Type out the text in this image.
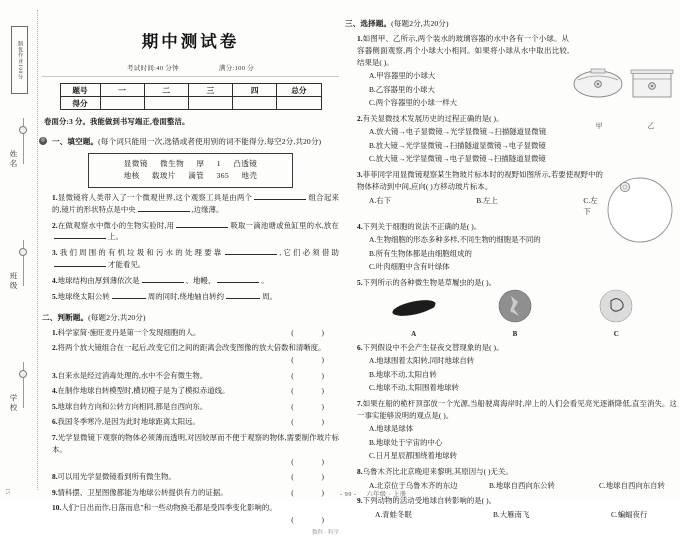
制优作业100分
姓名
班级
学校
15
期中测试卷
考试时间:40 分钟	满分:100 分
题号	一	二	三	四	总分
得分					
卷面分:3 分。我能做到书写端正,卷面整洁。
◎ 一、填空题。(每个词只能用一次,选错或者使用别的词不能得分,每空2分,共20分)
显微镜 微生物 厚 1 凸透镜
地核 载玻片 滴管 365 地壳
1.显微镜将人类带入了一个微观世界,这个观察工具是由两个	组合起来的,镜片的形状特点是中央	,边缘薄。
2.在做观察水中微小的生物实验时,用	吸取一滴池塘或鱼缸里的水,放在上。
3.我们周围的有机垃圾和污水的处理要靠	,它们必须借助才能看见。
4.地球结构由厚到薄依次是	、地幔、	。
5.地球绕太阳公转	周的同时,绕地轴自转约	周。
二、判断题。(每题2分,共20分)
1.科学家简·施旺麦丹是第一个发现细胞的人。	( )
2.将两个放大镜组合在一起后,改变它们之间的距离会改变图像的放大倍数和清晰度。
( )
3.自来水是经过消毒处理的,水中不会有微生物。	( )
4.在制作地球自转模型时,横切橙子是为了模拟赤道线。	( )
5.地球自转方向和公转方向相同,都是自西向东。	( )
6.我国冬季寒冷,是因为此时地球距离太阳远。	( )
7.光学显微镜下观察的物体必须薄而透明,对因较厚而不便于观察的物体,需要制作玻片标本。
( )
8.可以用光学显微镜看到所有微生物。	( )
9.情科摆、卫星图像都能为地球公转提供有力的证据。	( )
10.人们“日出而作,日落而息”和一些动物换毛都是受四季变化影响的。
( )
数科 - 科学
三、选择题。(每题2分,共20分)
1.如图甲、乙所示,两个装水的玻璃容器的水中各有一个小球。从容器侧面观察,两个小球大小相同。如果将小球从水中取出比较,结果是( )。
A.甲容器里的小球大
B.乙容器里的小球大
C.两个容器里的小球一样大
甲	乙
2.有关显微技术发展历史的过程正确的是( )。
A.放大镜→电子显微镜→光学显微镜→扫描隧道显微镜
B.放大镜→光学显微镜→扫描隧道显微镜→电子显微镜
C.放大镜→光学显微镜→电子显微镜→扫描隧道显微镜
3.菲菲同学用显微镜观察某生物玻片标本时的视野如图所示,若要使视野中的物体移动到中间,应向( )方移动玻片标本。
A.右下	B.左上	C.左下
4.下列关于细胞的说法不正确的是( )。
A.生物细胞的形态多种多样,不同生物的细胞是不同的
B.所有生物体都是由细胞组成的
C.叶肉细胞中含有叶绿体
5.下列所示的各种微生物是草履虫的是( )。
A	B	C
6.下列假设中不会产生昼夜交替现象的是( )。
A.地球围着太阳转,同时地球自转
B.地球不动,太阳自转
C.地球不动,太阳围着地球转
7.如果在船的桅杆顶部放一个光源,当船驶离海岸时,岸上的人们会看见亮光逐渐降低,直至消失。这一事实能够说明的观点是( )。
A.地球是球体
B.地球处于宇宙的中心
C.日月星辰都围绕着地球转
8.乌鲁木齐比北京晚迎来黎明,其原因与( )无关。
A.北京位于乌鲁木齐的东边	B.地球自西向东公转	C.地球自西向东自转
9.下列动物的活动受地球自转影响的是( )。
A.青蛙冬眠	B.大雁南飞	C.蝙蝠夜行
- 99 - 六年级 · 上册
